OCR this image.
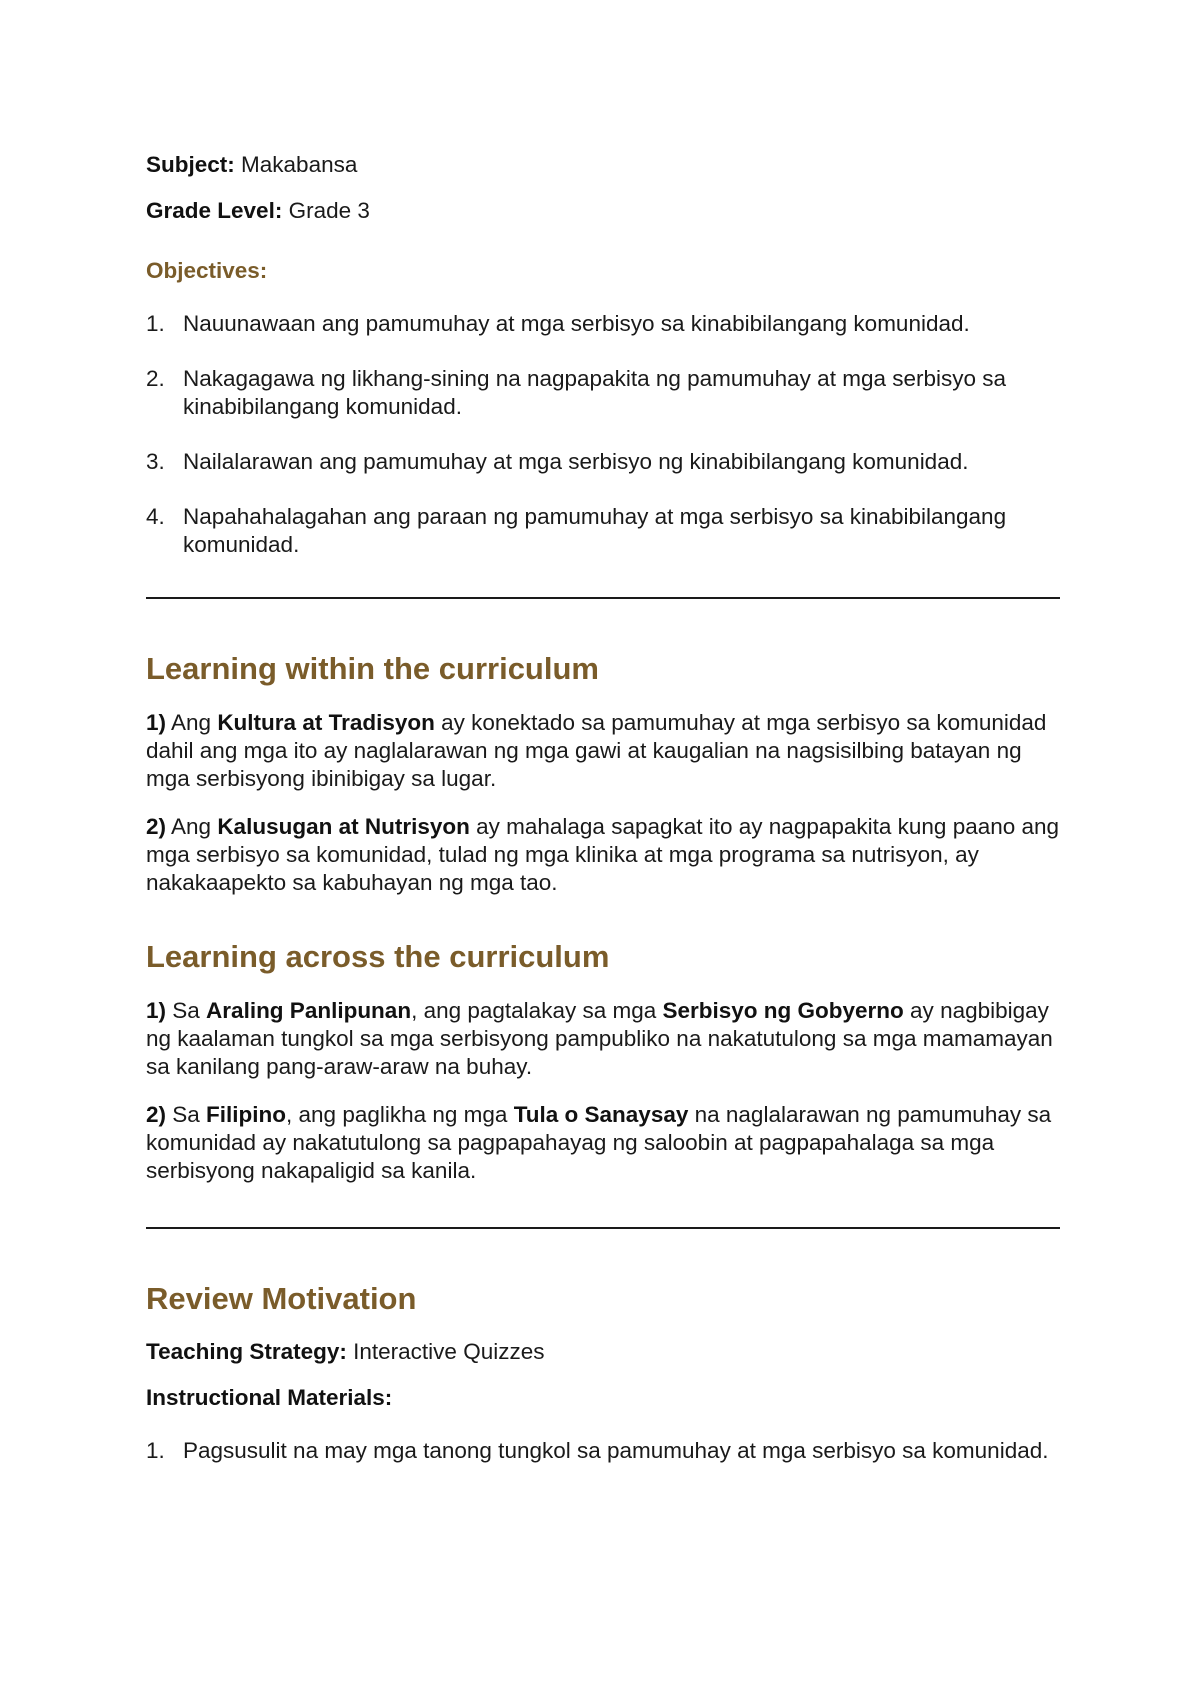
Subject: Makabansa

Grade Level: Grade 3

Objectives:
1. Nauunawaan ang pamumuhay at mga serbisyo sa kinabibilangang komunidad.
2. Nakagagawa ng likhang-sining na nagpapakita ng pamumuhay at mga serbisyo sa kinabibilangang komunidad.
3. Nailalarawan ang pamumuhay at mga serbisyo ng kinabibilangang komunidad.
4. Napahahalagahan ang paraan ng pamumuhay at mga serbisyo sa kinabibilangang komunidad.
Learning within the curriculum

1) Ang Kultura at Tradisyon ay konektado sa pamumuhay at mga serbisyo sa komunidad dahil ang mga ito ay naglalarawan ng mga gawi at kaugalian na nagsisilbing batayan ng mga serbisyong ibinibigay sa lugar.

2) Ang Kalusugan at Nutrisyon ay mahalaga sapagkat ito ay nagpapakita kung paano ang mga serbisyo sa komunidad, tulad ng mga klinika at mga programa sa nutrisyon, ay nakakaapekto sa kabuhayan ng mga tao.

Learning across the curriculum

1) Sa Araling Panlipunan, ang pagtalakay sa mga Serbisyo ng Gobyerno ay nagbibigay ng kaalaman tungkol sa mga serbisyong pampubliko na nakatutulong sa mga mamamayan sa kanilang pang-araw-araw na buhay.

2) Sa Filipino, ang paglikha ng mga Tula o Sanaysay na naglalarawan ng pamumuhay sa komunidad ay nakatutulong sa pagpapahayag ng saloobin at pagpapahalaga sa mga serbisyong nakapaligid sa kanila.

Review Motivation

Teaching Strategy: Interactive Quizzes

Instructional Materials:

1. Pagsusulit na may mga tanong tungkol sa pamumuhay at mga serbisyo sa komunidad.
